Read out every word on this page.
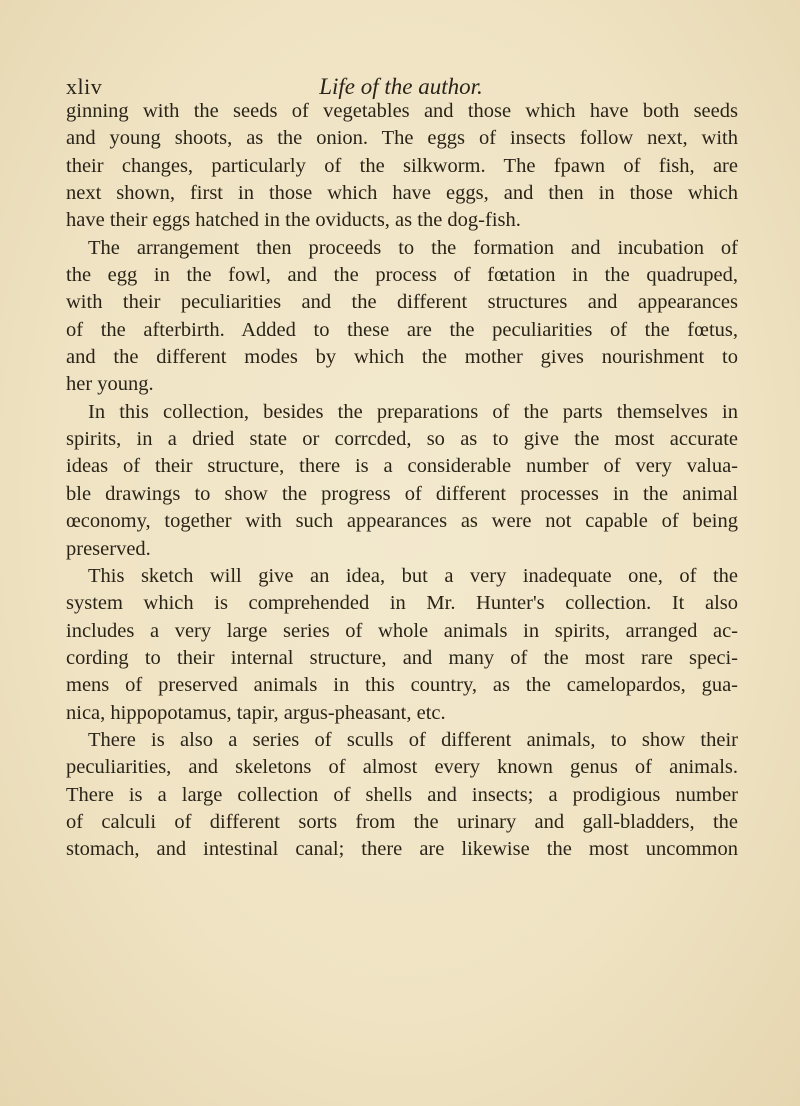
xliv	Life of the author.
ginning with the seeds of vegetables and those which have both seeds
and young shoots, as the onion. The eggs of insects follow next, with
their changes, particularly of the silkworm. The fpawn of fish, are
next shown, first in those which have eggs, and then in those which
have their eggs hatched in the oviducts, as the dog-fish.
The arrangement then proceeds to the formation and incubation of
the egg in the fowl, and the process of fœtation in the quadruped,
with their peculiarities and the different structures and appearances
of the afterbirth. Added to these are the peculiarities of the fœtus,
and the different modes by which the mother gives nourishment to
her young.
In this collection, besides the preparations of the parts themselves in
spirits, in a dried state or corrcded, so as to give the most accurate
ideas of their structure, there is a considerable number of very valua-
ble drawings to show the progress of different processes in the animal
œconomy, together with such appearances as were not capable of being
preserved.
This sketch will give an idea, but a very inadequate one, of the
system which is comprehended in Mr. Hunter's collection. It also
includes a very large series of whole animals in spirits, arranged ac-
cording to their internal structure, and many of the most rare speci-
mens of preserved animals in this country, as the camelopardos, gua-
nica, hippopotamus, tapir, argus-pheasant, etc.
There is also a series of sculls of different animals, to show their
peculiarities, and skeletons of almost every known genus of animals.
There is a large collection of shells and insects; a prodigious number
of calculi of different sorts from the urinary and gall-bladders, the
stomach, and intestinal canal; there are likewise the most uncommon
